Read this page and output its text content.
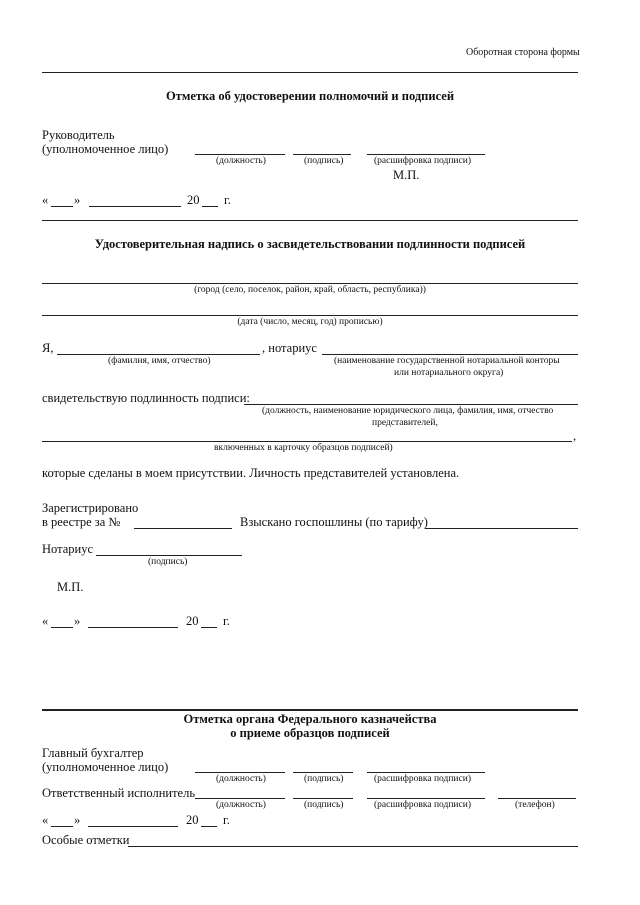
Оборотная сторона формы
Отметка об удостоверении полномочий и подписей
Руководитель
(уполномоченное лицо)
(должность)	(подпись)	(расшифровка подписи)
М.П.
« »	20 г.
Удостоверительная надпись о засвидетельствовании подлинности подписей
(город (село, поселок, район, край, область, республика))
(дата (число, месяц, год) прописью)
Я,	, нотариус
(фамилия, имя, отчество)	(наименование государственной нотариальной конторы
или нотариального округа)
свидетельствую подлинность подписи:
(должность, наименование юридического лица, фамилия, имя, отчество
представителей,
,
включенных в карточку образцов подписей)
которые сделаны в моем присутствии. Личность представителей установлена.
Зарегистрировано
в реестре за №	Взыскано госпошлины (по тарифу)
Нотариус
(подпись)
М.П.
« »	20 г.
Отметка органа Федерального казначейства
о приеме образцов подписей
Главный бухгалтер
(уполномоченное лицо)
(должность)	(подпись)	(расшифровка подписи)
Ответственный исполнитель
(должность)	(подпись)	(расшифровка подписи)	(телефон)
« »	20 г.
Особые отметки
